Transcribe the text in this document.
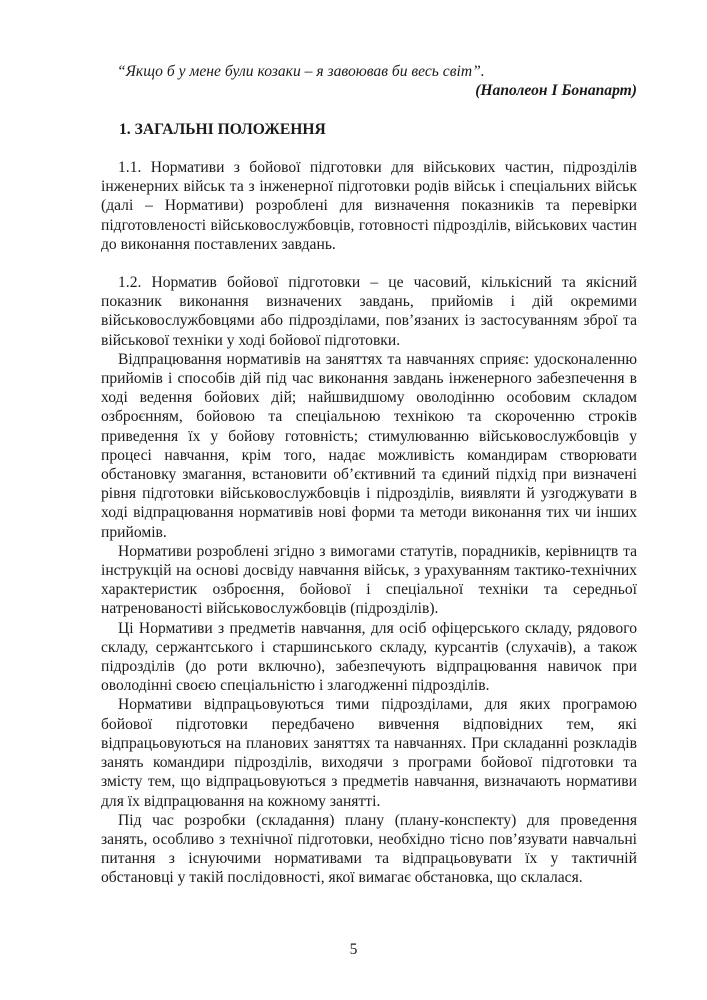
“Якщо б у мене були козаки – я завоював би весь світ”.
(Наполеон I Бонапарт)
1. ЗАГАЛЬНІ ПОЛОЖЕННЯ

1.1. Нормативи з бойової підготовки для військових частин, підрозділів інженерних військ та з інженерної підготовки родів військ і спеціальних військ (далі – Нормативи) розроблені для визначення показників та перевірки підготовленості військовослужбовців, готовності підрозділів, військових частин до виконання поставлених завдань.

1.2. Норматив бойової підготовки – це часовий, кількісний та якісний показник виконання визначених завдань, прийомів і дій окремими військовослужбовцями або підрозділами, пов’язаних із застосуванням зброї та військової техніки у ході бойової підготовки.

Відпрацювання нормативів на заняттях та навчаннях сприяє: удосконаленню прийомів і способів дій під час виконання завдань інженерного забезпечення в ході ведення бойових дій; найшвидшому оволодінню особовим складом озброєнням, бойовою та спеціальною технікою та скороченню строків приведення їх у бойову готовність; стимулюванню військовослужбовців у процесі навчання, крім того, надає можливість командирам створювати обстановку змагання, встановити об’єктивний та єдиний підхід при визначені рівня підготовки військовослужбовців і підрозділів, виявляти й узгоджувати в ході відпрацювання нормативів нові форми та методи виконання тих чи інших прийомів.

Нормативи розроблені згідно з вимогами статутів, порадників, керівництв та інструкцій на основі досвіду навчання військ, з урахуванням тактико-технічних характеристик озброєння, бойової і спеціальної техніки та середньої натренованості військовослужбовців (підрозділів).

Ці Нормативи з предметів навчання, для осіб офіцерського складу, рядового складу, сержантського і старшинського складу, курсантів (слухачів), а також підрозділів (до роти включно), забезпечують відпрацювання навичок при оволодінні своєю спеціальністю і злагодженні підрозділів.

Нормативи відпрацьовуються тими підрозділами, для яких програмою бойової підготовки передбачено вивчення відповідних тем, які відпрацьовуються на планових заняттях та навчаннях. При складанні розкладів занять командири підрозділів, виходячи з програми бойової підготовки та змісту тем, що відпрацьовуються з предметів навчання, визначають нормативи для їх відпрацювання на кожному занятті.

Під час розробки (складання) плану (плану-конспекту) для проведення занять, особливо з технічної підготовки, необхідно тісно пов’язувати навчальні питання з існуючими нормативами та відпрацьовувати їх у тактичній обстановці у такій послідовності, якої вимагає обстановка, що склалася.

5
